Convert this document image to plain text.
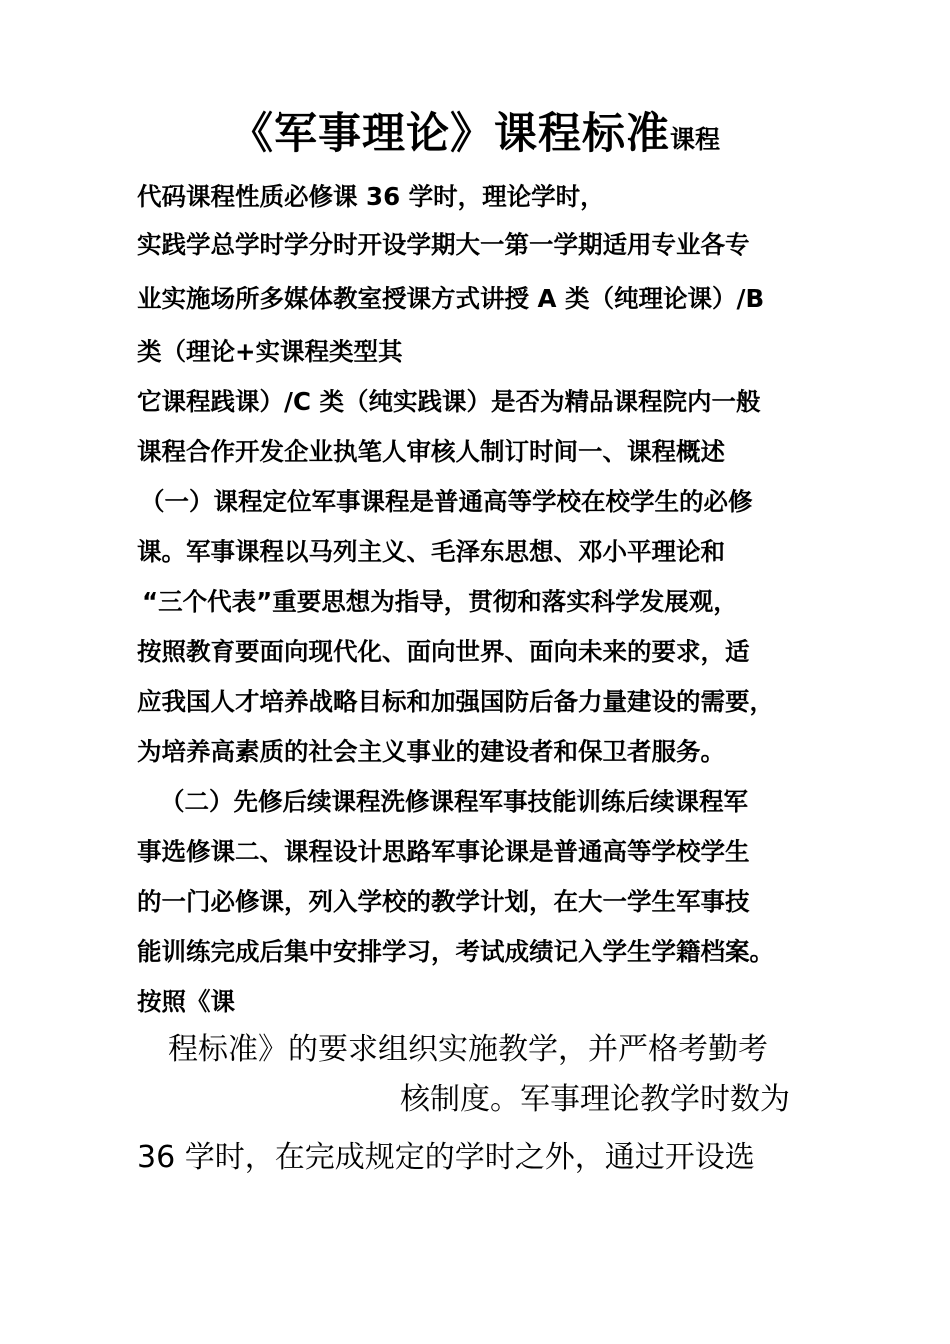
《军事理论》课程标准课程
代码课程性质必修课 36 学时，理论学时，
实践学总学时学分时开设学期大一第一学期适用专业各专
业实施场所多媒体教室授课方式讲授 A 类（纯理论课）/B
类（理论+实课程类型其
它课程践课）/C 类（纯实践课）是否为精品课程院内一般
课程合作开发企业执笔人审核人制订时间一、课程概述
（一）课程定位军事课程是普通高等学校在校学生的必修
课。军事课程以马列主义、毛泽东思想、邓小平理论和
“三个代表”重要思想为指导，贯彻和落实科学发展观，
按照教育要面向现代化、面向世界、面向未来的要求，适
应我国人才培养战略目标和加强国防后备力量建设的需要，
为培养高素质的社会主义事业的建设者和保卫者服务。
（二）先修后续课程洗修课程军事技能训练后续课程军
事选修课二、课程设计思路军事论课是普通高等学校学生
的一门必修课，列入学校的教学计划，在大一学生军事技
能训练完成后集中安排学习，考试成绩记入学生学籍档案。
按照《课
程标准》的要求组织实施教学，并严格考勤考
核制度。军事理论教学时数为
36 学时，在完成规定的学时之外，通过开设选
